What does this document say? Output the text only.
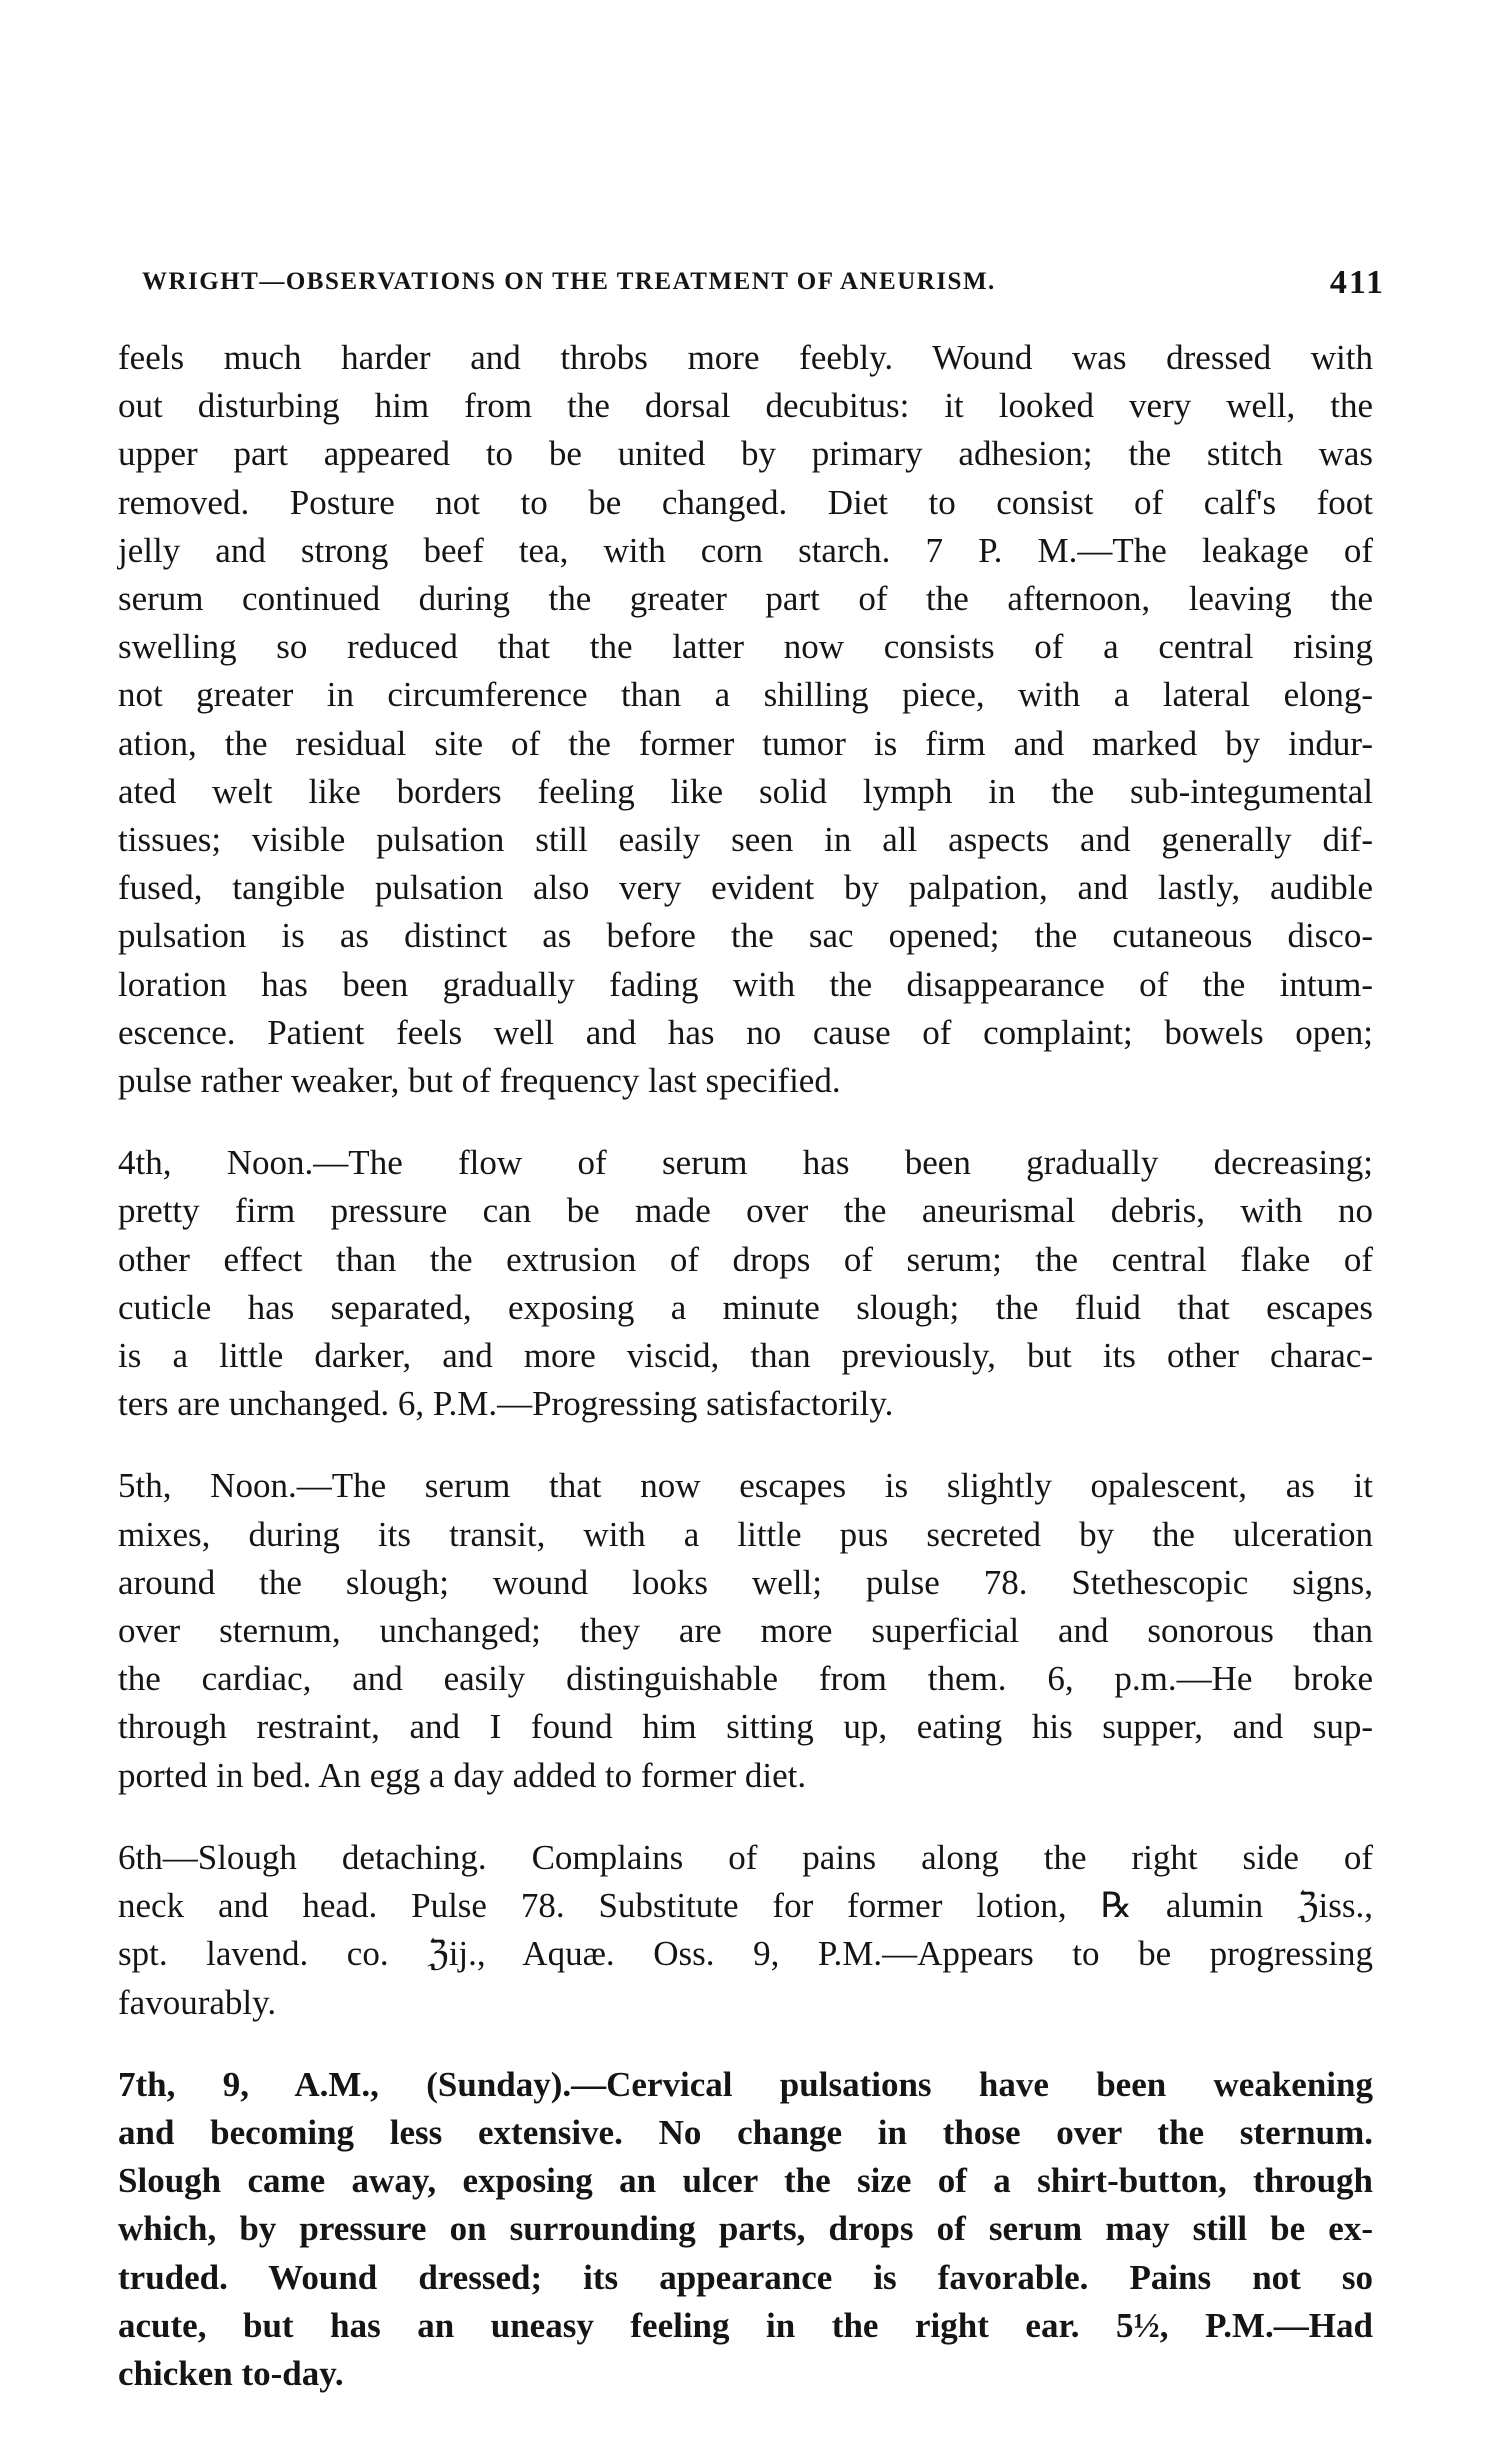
WRIGHT—OBSERVATIONS ON THE TREATMENT OF ANEURISM.	411

feels much harder and throbs more feebly. Wound was dressed with
out disturbing him from the dorsal decubitus: it looked very well, the
upper part appeared to be united by primary adhesion; the stitch was
removed. Posture not to be changed. Diet to consist of calf's foot
jelly and strong beef tea, with corn starch. 7 P. M.—The leakage of
serum continued during the greater part of the afternoon, leaving the
swelling so reduced that the latter now consists of a central rising
not greater in circumference than a shilling piece, with a lateral elong-
ation, the residual site of the former tumor is firm and marked by indur-
ated welt like borders feeling like solid lymph in the sub-integumental
tissues; visible pulsation still easily seen in all aspects and generally dif-
fused, tangible pulsation also very evident by palpation, and lastly, audible
pulsation is as distinct as before the sac opened; the cutaneous disco-
loration has been gradually fading with the disappearance of the intum-
escence. Patient feels well and has no cause of complaint; bowels open;
pulse rather weaker, but of frequency last specified.

4th, Noon.—The flow of serum has been gradually decreasing;
pretty firm pressure can be made over the aneurismal debris, with no
other effect than the extrusion of drops of serum; the central flake of
cuticle has separated, exposing a minute slough; the fluid that escapes
is a little darker, and more viscid, than previously, but its other charac-
ters are unchanged. 6, P.M.—Progressing satisfactorily.

5th, Noon.—The serum that now escapes is slightly opalescent, as it
mixes, during its transit, with a little pus secreted by the ulceration
around the slough; wound looks well; pulse 78. Stethescopic signs,
over sternum, unchanged; they are more superficial and sonorous than
the cardiac, and easily distinguishable from them. 6, p.m.—He broke
through restraint, and I found him sitting up, eating his supper, and sup-
ported in bed. An egg a day added to former diet.

6th—Slough detaching. Complains of pains along the right side of
neck and head. Pulse 78. Substitute for former lotion, ℞ alumin ℨiss.,
spt. lavend. co. ℨij., Aquæ. Oss. 9, P.M.—Appears to be progressing
favourably.

7th, 9, A.M., (Sunday).—Cervical pulsations have been weakening
and becoming less extensive. No change in those over the sternum.
Slough came away, exposing an ulcer the size of a shirt-button, through
which, by pressure on surrounding parts, drops of serum may still be ex-
truded. Wound dressed; its appearance is favorable. Pains not so
acute, but has an uneasy feeling in the right ear. 5½, P.M.—Had
chicken to-day.
